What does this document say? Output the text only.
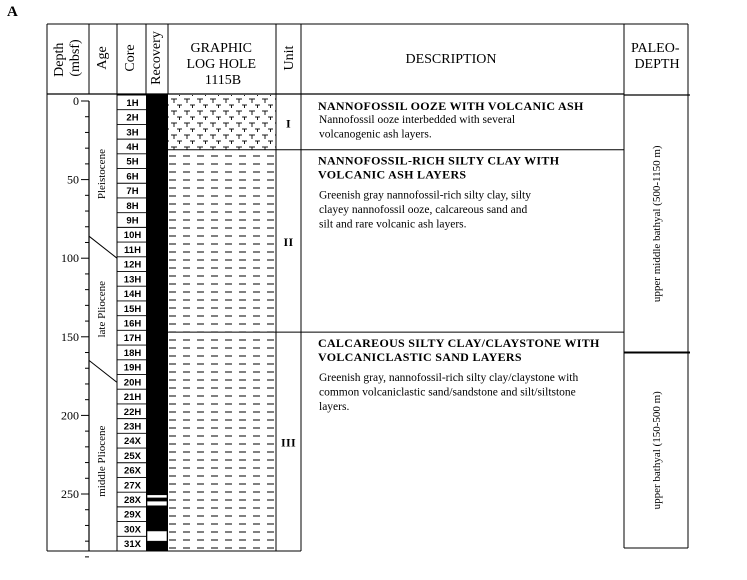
A
Depth (mbsf) Age Core Recovery GRAPHIC LOG HOLE 1115B
Unit	DESCRIPTION
PALEO- DEPTH
0
50
100
150
200
250
Pleistocene
late Pliocene
middle Pliocene
1H
2H
3H
4H
5H
6H
7H
8H
9H
10H
11H
12H
13H
14H
15H
16H
17H
18H
19H
20H
21H
22H
23H
24X
25X
26X
27X
28X
29X
30X
31X
I
II
III
NANNOFOSSIL OOZE WITH VOLCANIC ASH
Nannofossil ooze interbedded with several
volcanogenic ash layers.
NANNOFOSSIL-RICH SILTY CLAY WITH
VOLCANIC ASH LAYERS
Greenish gray nannofossil-rich silty clay, silty
clayey nannofossil ooze, calcareous sand and
silt and rare volcanic ash layers.
CALCAREOUS SILTY CLAY/CLAYSTONE WITH
VOLCANICLASTIC SAND LAYERS
Greenish gray, nannofossil-rich silty clay/claystone with
common volcaniclastic sand/sandstone and silt/siltstone
layers.
upper middle bathyal (500-1150 m)
upper bathyal (150-500 m)
